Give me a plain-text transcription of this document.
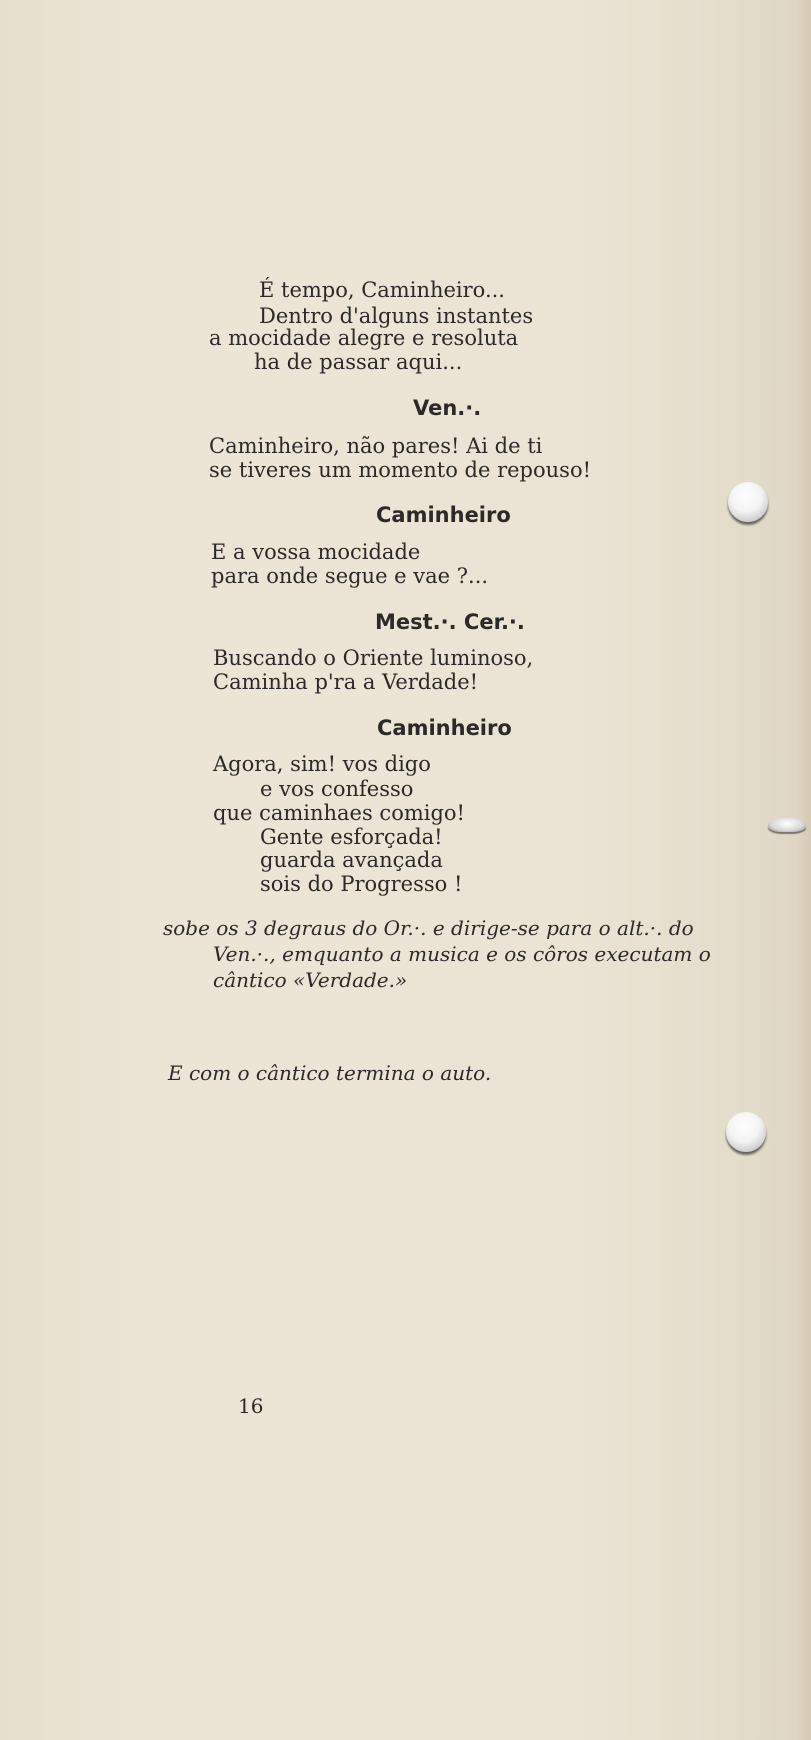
É tempo, Caminheiro...
Dentro d'alguns instantes
a mocidade alegre e resoluta
ha de passar aqui...
Ven.·.
Caminheiro, não pares! Ai de ti
se tiveres um momento de repouso!
Caminheiro
E a vossa mocidade
para onde segue e vae ?...
Mest.·. Cer.·.
Buscando o Oriente luminoso,
Caminha p'ra a Verdade!
Caminheiro
Agora, sim! vos digo
e vos confesso
que caminhaes comigo!
Gente esforçada!
guarda avançada
sois do Progresso !
sobe os 3 degraus do Or.·. e dirige-se para o alt.·. do
Ven.·., emquanto a musica e os côros executam o
cântico «Verdade.»
E com o cântico termina o auto.
16
